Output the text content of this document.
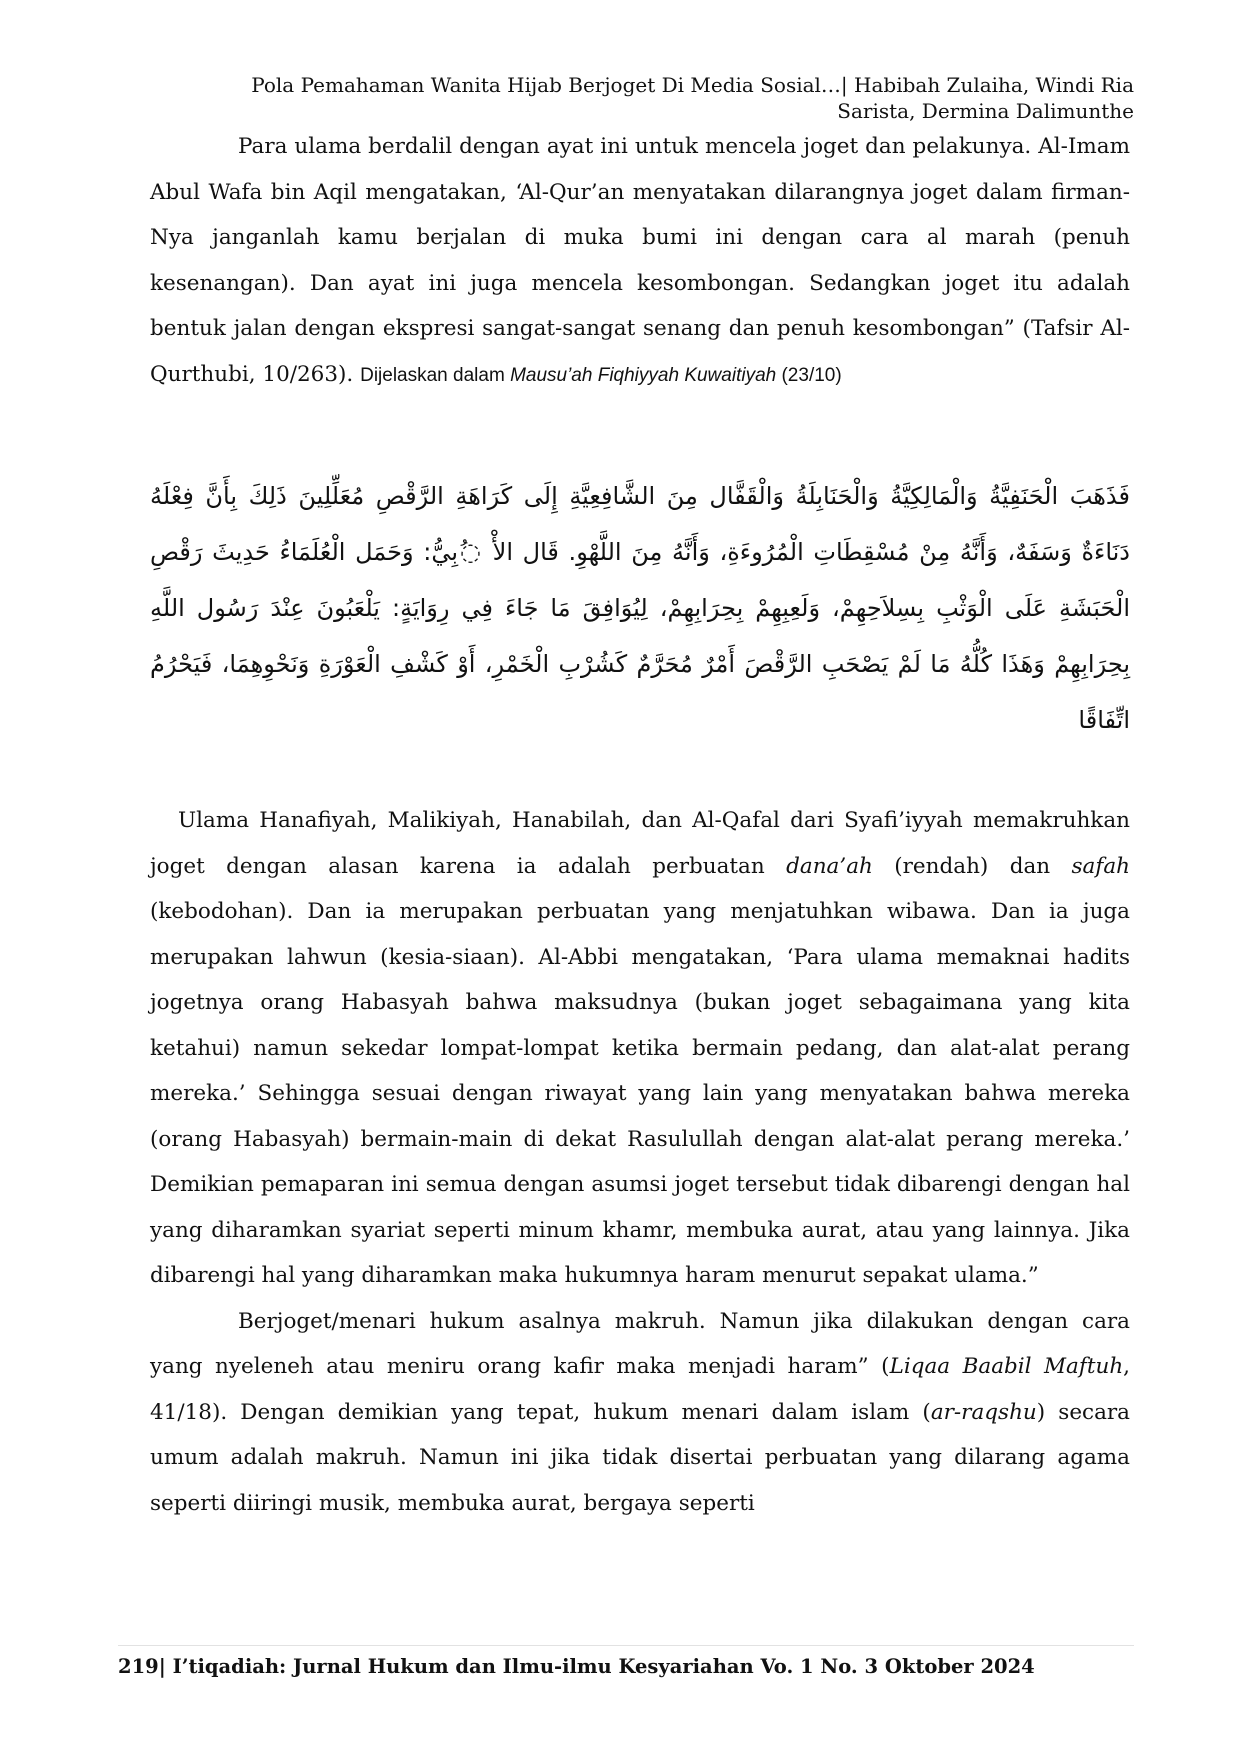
Pola Pemahaman Wanita Hijab Berjoget Di Media Sosial…| Habibah Zulaiha, Windi Ria
Sarista, Dermina Dalimunthe

Para ulama berdalil dengan ayat ini untuk mencela joget dan pelakunya. Al-Imam Abul Wafa bin Aqil mengatakan, ‘Al-Qur’an menyatakan dilarangnya joget dalam firman-Nya janganlah kamu berjalan di muka bumi ini dengan cara al marah (penuh kesenangan). Dan ayat ini juga mencela kesombongan. Sedangkan joget itu adalah bentuk jalan dengan ekspresi sangat-sangat senang dan penuh kesombongan” (Tafsir Al-Qurthubi, 10/263). Dijelaskan dalam Mausu’ah Fiqhiyyah Kuwaitiyah (23/10)

فَذَهَبَ الْحَنَفِيَّةُ وَالْمَالِكِيَّةُ وَالْحَنَابِلَةُ وَالْقَفَّال مِنَ الشَّافِعِيَّةِ إِلَى كَرَاهَةِ الرَّقْصِ مُعَلِّلِينَ ذَلِكَ بِأَنَّ فِعْلَهُ دَنَاءَةٌ وَسَفَهٌ، وَأَنَّهُ مِنْ مُسْقِطَاتِ الْمُرُوءَةِ، وَأَنَّهُ مِنَ اللَّهْوِ. قَال الأْ ◌ُبِيُّ: وَحَمَل الْعُلَمَاءُ حَدِيثَ رَقْصِ الْحَبَشَةِ عَلَى الْوَثْبِ بِسِلاَحِهِمْ، وَلَعِبِهِمْ بِحِرَابِهِمْ، لِيُوَافِقَ مَا جَاءَ فِي رِوَايَةٍ: يَلْعَبُونَ عِنْدَ رَسُول اللَّهِ بِحِرَابِهِمْ وَهَذَا كُلُّهُ مَا لَمْ يَصْحَبِ الرَّقْصَ أَمْرٌ مُحَرَّمٌ كَشُرْبِ الْخَمْرِ، أَوْ كَشْفِ الْعَوْرَةِ وَنَحْوِهِمَا، فَيَحْرُمُ اتِّفَاقًا

Ulama Hanafiyah, Malikiyah, Hanabilah, dan Al-Qafal dari Syafi’iyyah memakruhkan joget dengan alasan karena ia adalah perbuatan dana’ah (rendah) dan safah (kebodohan). Dan ia merupakan perbuatan yang menjatuhkan wibawa. Dan ia juga merupakan lahwun (kesia-siaan). Al-Abbi mengatakan, ‘Para ulama memaknai hadits jogetnya orang Habasyah bahwa maksudnya (bukan joget sebagaimana yang kita ketahui) namun sekedar lompat-lompat ketika bermain pedang, dan alat-alat perang mereka.’ Sehingga sesuai dengan riwayat yang lain yang menyatakan bahwa mereka (orang Habasyah) bermain-main di dekat Rasulullah dengan alat-alat perang mereka.’ Demikian pemaparan ini semua dengan asumsi joget tersebut tidak dibarengi dengan hal yang diharamkan syariat seperti minum khamr, membuka aurat, atau yang lainnya. Jika dibarengi hal yang diharamkan maka hukumnya haram menurut sepakat ulama.”

Berjoget/menari hukum asalnya makruh. Namun jika dilakukan dengan cara yang nyeleneh atau meniru orang kafir maka menjadi haram” (Liqaa Baabil Maftuh, 41/18). Dengan demikian yang tepat, hukum menari dalam islam (ar-raqshu) secara umum adalah makruh. Namun ini jika tidak disertai perbuatan yang dilarang agama seperti diiringi musik, membuka aurat, bergaya seperti

219| I’tiqadiah: Jurnal Hukum dan Ilmu-ilmu Kesyariahan Vo. 1 No. 3 Oktober 2024
